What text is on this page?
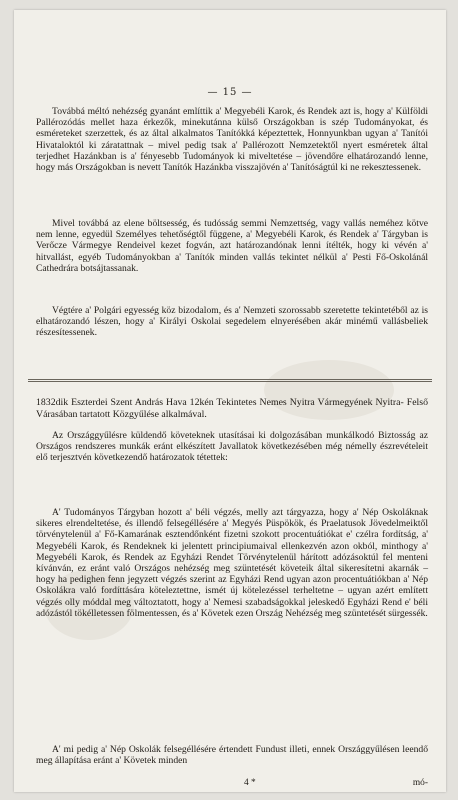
— 15 —

Továbbá méltó nehézség gyanánt említtik a' Megyebéli Karok, és Rendek azt is, hogy a' Külföldi Pallérozódás mellet haza érkezők, minekutánna külső Országokban is szép Tudományokat, és esméreteket szerzettek, és az által alkalmatos Tanítókká képeztettek, Honnyunkban ugyan a' Tanítói Hivataloktól ki záratattnak – mivel pedig tsak a' Pallérozott Nemzetektől nyert esméretek által terjedhet Hazánkban is a' fényesebb Tudományok ki miveltetése – jövendőre elhatározandó lenne, hogy más Országokban is nevett Tanítók Hazánkba visszajövén a' Tanítóságtúl ki ne rekesztessenek.

Mivel továbbá az elene böltsesség, és tudósság semmi Nemzettség, vagy vallás neméhez kötve nem lenne, egyedül Személyes tehetőségtől függene, a' Megyebéli Karok, és Rendek a' Tárgyban is Verőcze Vármegye Rendeivel kezet fogván, azt határozandónak lenni ítélték, hogy ki vévén a' hitvallást, egyéb Tudományokban a' Tanítók minden vallás tekintet nélkül a' Pesti Fő-Oskolánál Cathedrára botsájtassanak.

Végtére a' Polgári egyesség köz bizodalom, és a' Nemzeti szorossabb szeretette tekintetéből az is elhatározandó lészen, hogy a' Királyi Oskolai segedelem elnyerésében akár minémű vallásbeliek részesítessenek.

1832dik Eszterdei Szent András Hava 12kén Tekintetes Nemes Nyitra Vármegyének Nyitra- Felső Várasában tartatott Közgyűlése alkalmával.

Az Országgyűlésre küldendő követeknek utasításai ki dolgozásában munkálkodó Biztosság az Országos rendszeres munkák eránt elkészített Javallatok következésében még némelly észrevételeit elő terjesztvén következendő határozatok tétettek:

A' Tudományos Tárgyban hozott a' béli végzés, melly azt tárgyazza, hogy a' Nép Oskoláknak sikeres elrendeltetése, és illendő felsegéllésére a' Megyés Püspökök, és Praelatusok Jövedelmeiktől törvénytelenül a' Fő-Kamarának esztendőnként fizetni szokott procentuátiókat e' czélra fordítság, a' Megyebéli Karok, és Rendeknek ki jelentett principiumaival ellenkezvén azon okból, minthogy a' Megyebéli Karok, és Rendek az Egyházi Rendet Törvénytelenül hárított adózásoktúl fel menteni kívánván, ez eránt való Országos nehézség meg szüntetését követeik által sikeresítetni akarnák – hogy ha pedighen fenn jegyzett végzés szerint az Egyházi Rend ugyan azon procentuátiókban a' Nép Oskolákra való fordíttására köteleztettne, ismét új kötelezéssel terheltetne – ugyan azért említett végzés olly móddal meg változtatott, hogy a' Nemesi szabadságokkal jeleskedő Egyházi Rend e' béli adózástól tökélletessen fölmentessen, és a' Követek ezen Ország Nehézség meg szüntetését sürgessék.

A' mi pedig a' Nép Oskolák felsegéllésére értendett Fundust illeti, ennek Országgyűlésen leendő meg állapítása eránt a' Követek minden

4 *	mó-
